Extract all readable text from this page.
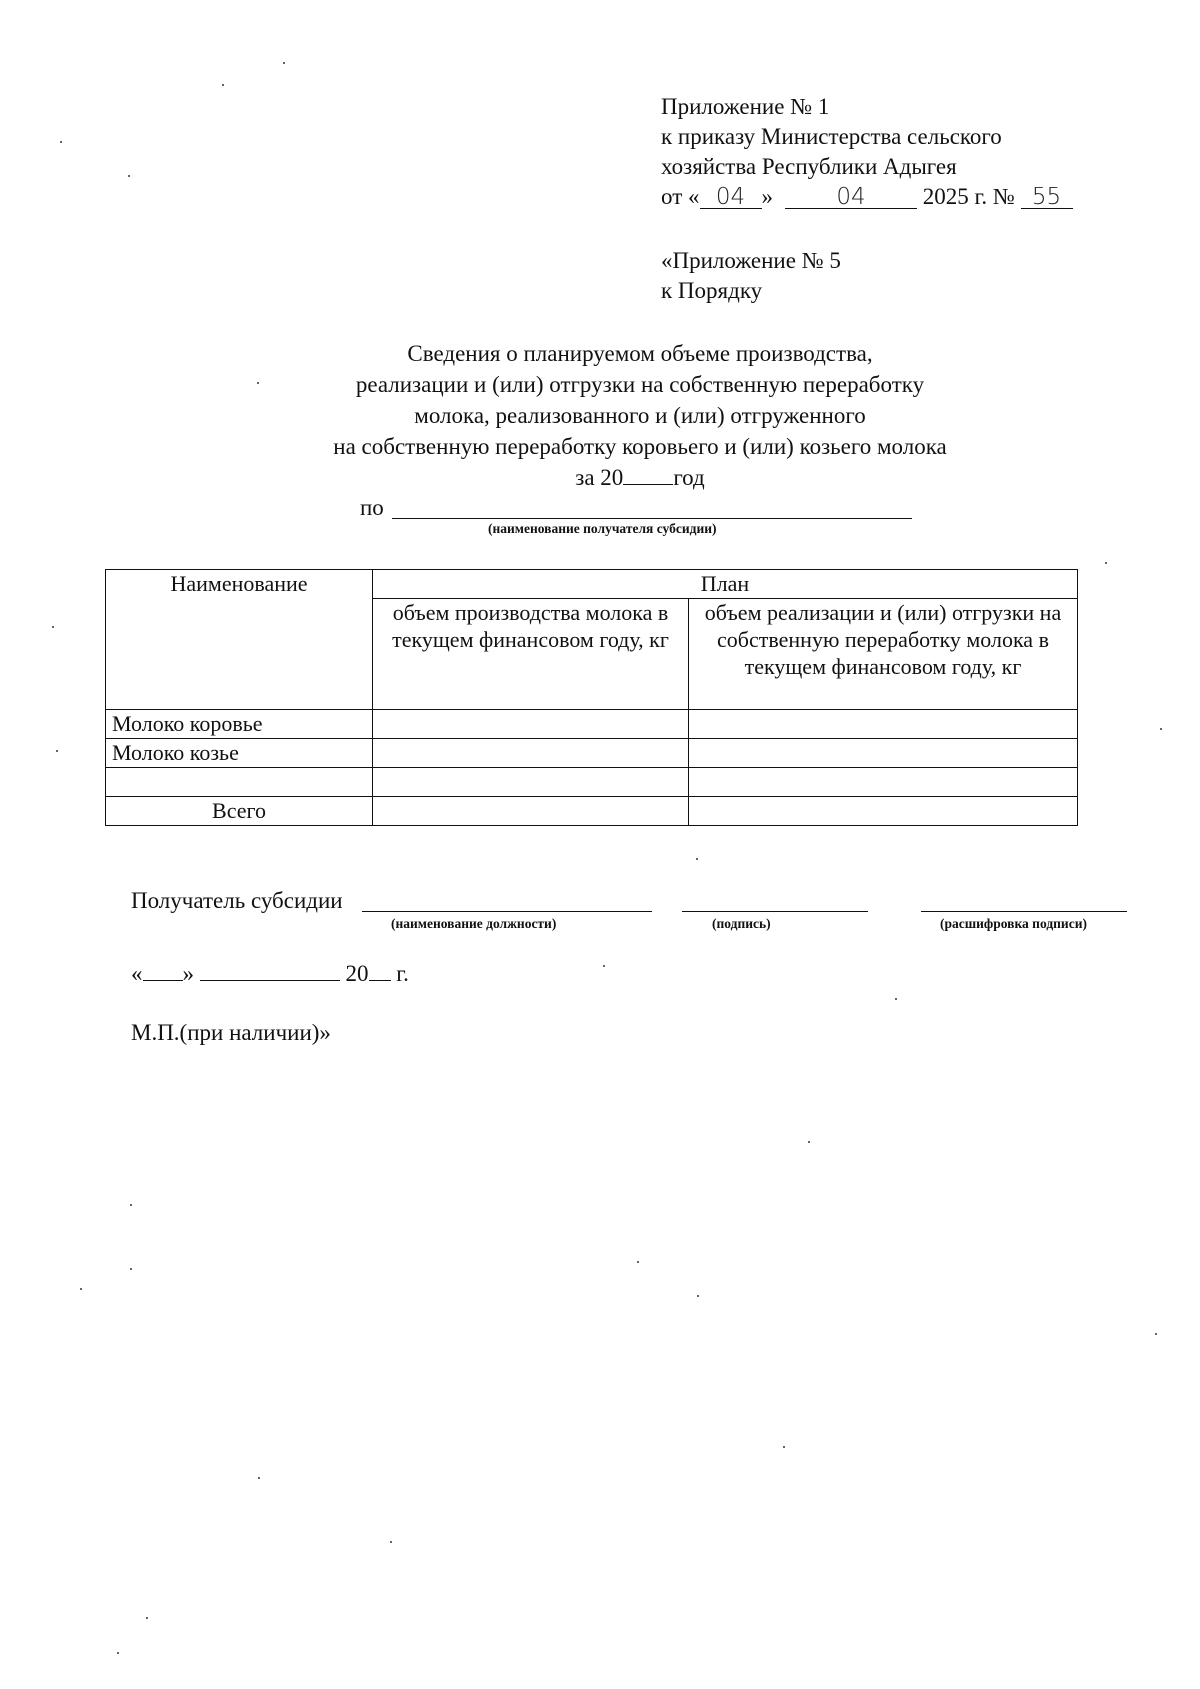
Приложение № 1
к приказу Министерства сельского
хозяйства Республики Адыгея
от « 04 »	04 2025 г. № 55
«Приложение № 5
к Порядку
Сведения о планируемом объеме производства,
реализации и (или) отгрузки на собственную переработку
молока, реализованного и (или) отгруженного
на собственную переработку коровьего и (или) козьего молока
за 20 год
по
(наименование получателя субсидии)
Наименование	План	
	объем производства молока в текущем финансовом году, кг	объем реализации и (или) отгрузки на собственную переработку молока в текущем финансовом году, кг
Молоко коровье		
Молоко козье		

Всего		
Получатель субсидии
(наименование должности)	(подпись)	(расшифровка подписи)
« »	20 г.
М.П.(при наличии)»
